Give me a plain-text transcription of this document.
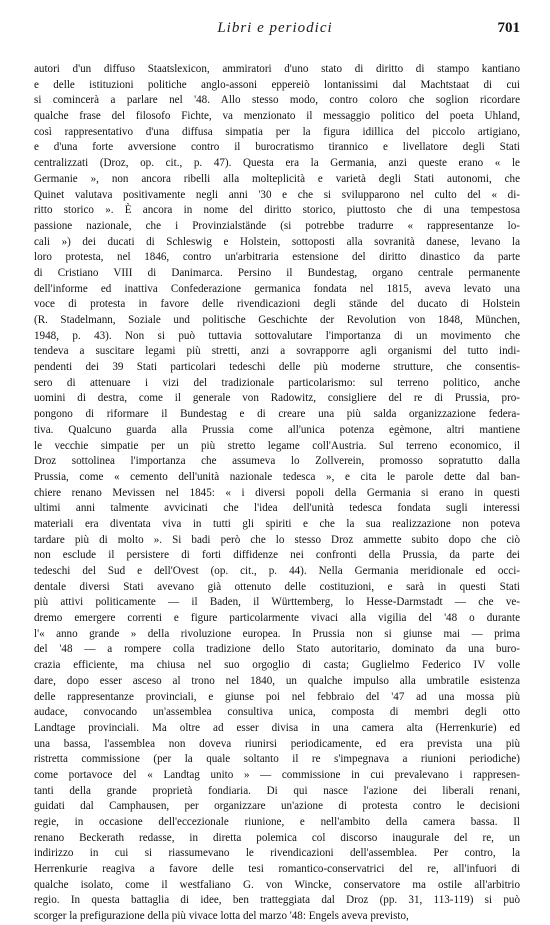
Libri e periodici	701
autori d'un diffuso Staatslexicon, ammiratori d'uno stato di diritto di stampo kantiano
e delle istituzioni politiche anglo-assoni eppereiò lontanissimi dal Machtstaat di cui
si comincerà a parlare nel '48. Allo stesso modo, contro coloro che soglion ricordare
qualche frase del filosofo Fichte, va menzionato il messaggio politico del poeta Uhland,
così rappresentativo d'una diffusa simpatia per la figura idillica del piccolo artigiano,
e d'una forte avversione contro il burocratismo tirannico e livellatore degli Stati
centralizzati (Droz, op. cit., p. 47). Questa era la Germania, anzi queste erano « le
Germanie », non ancora ribelli alla molteplicità e varietà degli Stati autonomi, che
Quinet valutava positivamente negli anni '30 e che si svilupparono nel culto del « di-
ritto storico ». È ancora in nome del diritto storico, piuttosto che di una tempestosa
passione nazionale, che i Provinzialstände (si potrebbe tradurre « rappresentanze lo-
cali ») dei ducati di Schleswig e Holstein, sottoposti alla sovranità danese, levano la
loro protesta, nel 1846, contro un'arbitraria estensione del diritto dinastico da parte
di Cristiano VIII di Danimarca. Persino il Bundestag, organo centrale permanente
dell'informe ed inattiva Confederazione germanica fondata nel 1815, aveva levato una
voce di protesta in favore delle rivendicazioni degli stände del ducato di Holstein
(R. Stadelmann, Soziale und politische Geschichte der Revolution von 1848, München,
1948, p. 43). Non si può tuttavia sottovalutare l'importanza di un movimento che
tendeva a suscitare legami più stretti, anzi a sovrapporre agli organismi del tutto indi-
pendenti dei 39 Stati particolari tedeschi delle più moderne strutture, che consentis-
sero di attenuare i vizi del tradizionale particolarismo: sul terreno politico, anche
uomini di destra, come il generale von Radowitz, consigliere del re di Prussia, pro-
pongono di riformare il Bundestag e di creare una più salda organizzazione federa-
tiva. Qualcuno guarda alla Prussia come all'unica potenza egèmone, altri mantiene
le vecchie simpatie per un più stretto legame coll'Austria. Sul terreno economico, il
Droz sottolinea l'importanza che assumeva lo Zollverein, promosso sopratutto dalla
Prussia, come « cemento dell'unità nazionale tedesca », e cita le parole dette dal ban-
chiere renano Mevissen nel 1845: « i diversi popoli della Germania si erano in questi
ultimi anni talmente avvicinati che l'idea dell'unità tedesca fondata sugli interessi
materiali era diventata viva in tutti gli spiriti e che la sua realizzazione non poteva
tardare più di molto ». Si badi però che lo stesso Droz ammette subito dopo che ciò
non esclude il persistere di forti diffidenze nei confronti della Prussia, da parte dei
tedeschi del Sud e dell'Ovest (op. cit., p. 44). Nella Germania meridionale ed occi-
dentale diversi Stati avevano già ottenuto delle costituzioni, e sarà in questi Stati
più attivi politicamente — il Baden, il Württemberg, lo Hesse-Darmstadt — che ve-
dremo emergere correnti e figure particolarmente vivaci alla vigilia del '48 o durante
l'« anno grande » della rivoluzione europea. In Prussia non si giunse mai — prima
del '48 — a rompere colla tradizione dello Stato autoritario, dominato da una buro-
crazia efficiente, ma chiusa nel suo orgoglio di casta; Guglielmo Federico IV volle
dare, dopo esser asceso al trono nel 1840, un qualche impulso alla umbratile esistenza
delle rappresentanze provinciali, e giunse poi nel febbraio del '47 ad una mossa più
audace, convocando un'assemblea consultiva unica, composta di membri degli otto
Landtage provinciali. Ma oltre ad esser divisa in una camera alta (Herrenkurie) ed
una bassa, l'assemblea non doveva riunirsi periodicamente, ed era prevista una più
ristretta commissione (per la quale soltanto il re s'impegnava a riunioni periodiche)
come portavoce del « Landtag unito » — commissione in cui prevalevano i rappresen-
tanti della grande proprietà fondiaria. Di qui nasce l'azione dei liberali renani,
guidati dal Camphausen, per organizzare un'azione di protesta contro le decisioni
regie, in occasione dell'eccezionale riunione, e nell'ambito della camera bassa. Il
renano Beckerath redasse, in diretta polemica col discorso inaugurale del re, un
indirizzo in cui si riassumevano le rivendicazioni dell'assemblea. Per contro, la
Herrenkurie reagiva a favore delle tesi romantico-conservatrici del re, all'infuori di
qualche isolato, come il westfaliano G. von Wincke, conservatore ma ostile all'arbitrio
regio. In questa battaglia di idee, ben tratteggiata dal Droz (pp. 31, 113-119) si può
scorger la prefigurazione della più vivace lotta del marzo '48: Engels aveva previsto,
